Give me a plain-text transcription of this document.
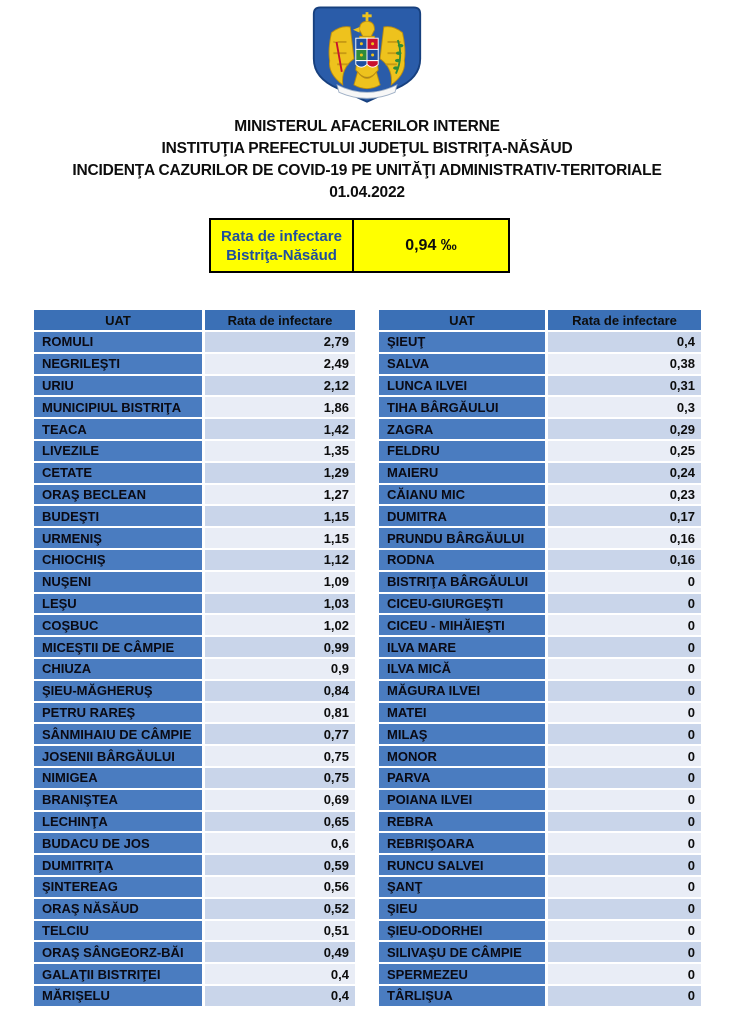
MINISTERUL AFACERILOR INTERNE
INSTITUŢIA PREFECTULUI JUDEŢUL BISTRIŢA-NĂSĂUD
INCIDENŢA CAZURILOR DE COVID-19 PE UNITĂŢI ADMINISTRATIV-TERITORIALE
01.04.2022
Rata de infectare
Bistriţa-Năsăud
0,94 ‰
UAT	Rata de infectare
ROMULI	2,79
NEGRILEŞTI	2,49
URIU	2,12
MUNICIPIUL BISTRIŢA	1,86
TEACA	1,42
LIVEZILE	1,35
CETATE	1,29
ORAŞ BECLEAN	1,27
BUDEŞTI	1,15
URMENIŞ	1,15
CHIOCHIŞ	1,12
NUŞENI	1,09
LEŞU	1,03
COŞBUC	1,02
MICEŞTII DE CÂMPIE	0,99
CHIUZA	0,9
ŞIEU-MĂGHERUŞ	0,84
PETRU RAREŞ	0,81
SÂNMIHAIU DE CÂMPIE	0,77
JOSENII BÂRGĂULUI	0,75
NIMIGEA	0,75
BRANIŞTEA	0,69
LECHINŢA	0,65
BUDACU DE JOS	0,6
DUMITRIŢA	0,59
ŞINTEREAG	0,56
ORAŞ NĂSĂUD	0,52
TELCIU	0,51
ORAŞ SÂNGEORZ-BĂI	0,49
GALAŢII BISTRIŢEI	0,4
MĂRIŞELU	0,4
UAT	Rata de infectare
ŞIEUŢ	0,4
SALVA	0,38
LUNCA ILVEI	0,31
TIHA BÂRGĂULUI	0,3
ZAGRA	0,29
FELDRU	0,25
MAIERU	0,24
CĂIANU MIC	0,23
DUMITRA	0,17
PRUNDU BÂRGĂULUI	0,16
RODNA	0,16
BISTRIŢA BÂRGĂULUI	0
CICEU-GIURGEŞTI	0
CICEU - MIHĂIEŞTI	0
ILVA MARE	0
ILVA MICĂ	0
MĂGURA ILVEI	0
MATEI	0
MILAŞ	0
MONOR	0
PARVA	0
POIANA ILVEI	0
REBRA	0
REBRIŞOARA	0
RUNCU SALVEI	0
ŞANŢ	0
ŞIEU	0
ŞIEU-ODORHEI	0
SILIVAŞU DE CÂMPIE	0
SPERMEZEU	0
TÂRLIŞUA	0
